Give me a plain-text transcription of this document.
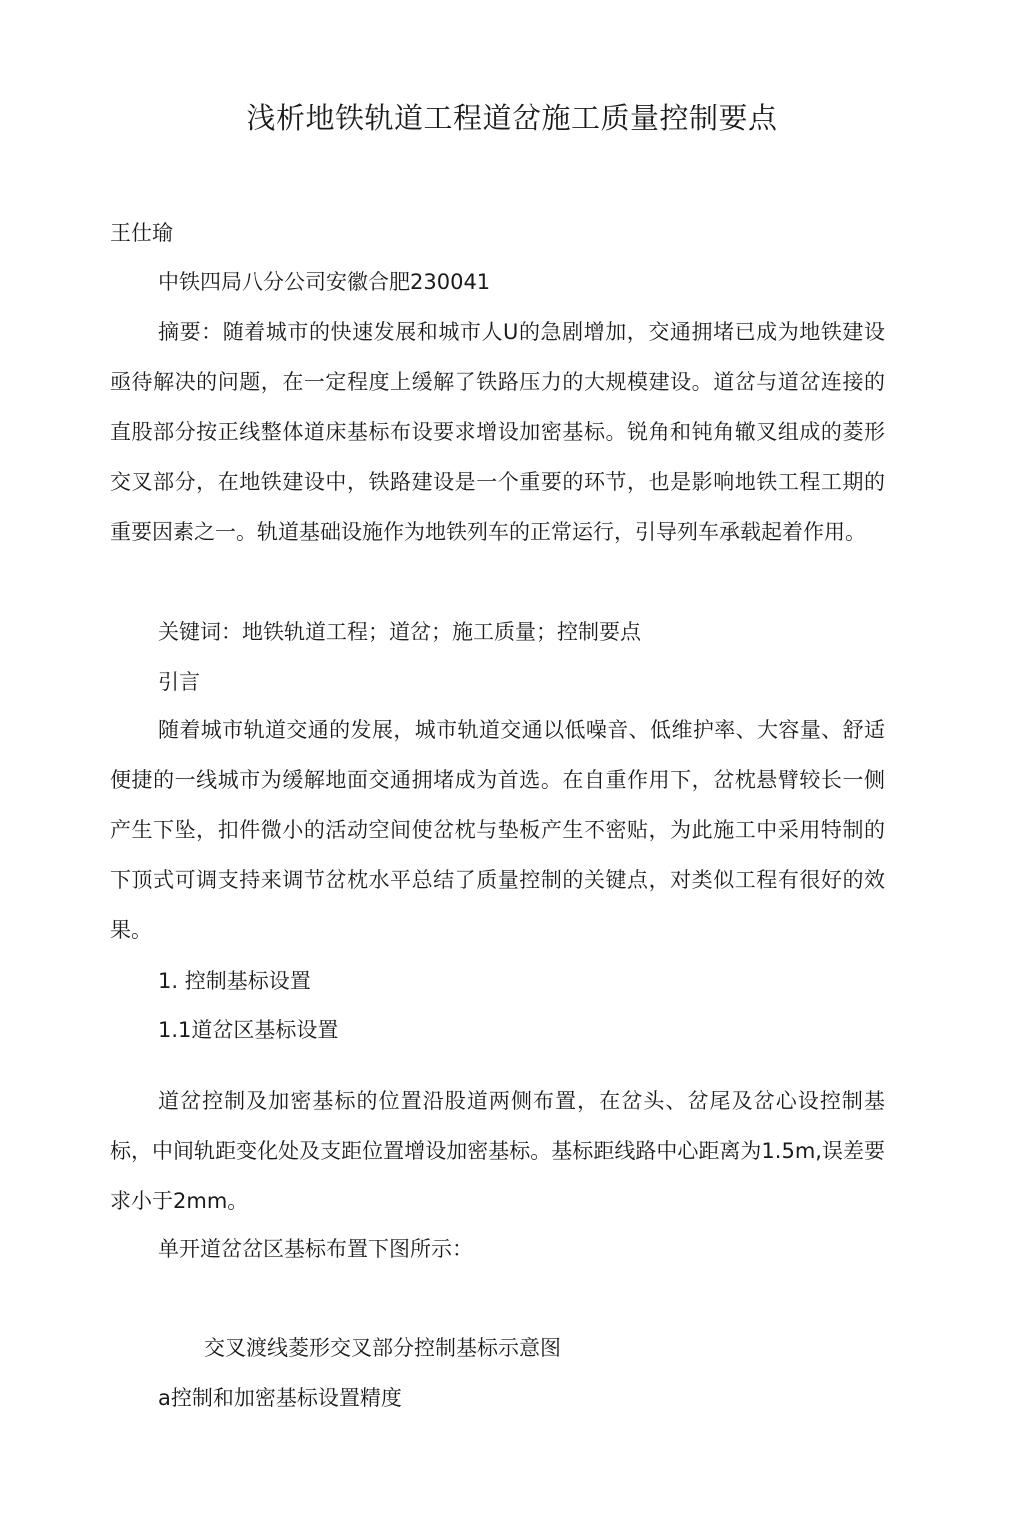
浅析地铁轨道工程道岔施工质量控制要点

王仕瑜

中铁四局八分公司安徽合肥230041

摘要：随着城市的快速发展和城市人U的急剧增加，交通拥堵已成为地铁建设亟待解决的问题，在一定程度上缓解了铁路压力的大规模建设。道岔与道岔连接的直股部分按正线整体道床基标布设要求增设加密基标。锐角和钝角辙叉组成的菱形交叉部分，在地铁建设中，铁路建设是一个重要的环节，也是影响地铁工程工期的重要因素之一。轨道基础设施作为地铁列车的正常运行，引导列车承载起着作用。

关键词：地铁轨道工程；道岔；施工质量；控制要点

引言

随着城市轨道交通的发展，城市轨道交通以低噪音、低维护率、大容量、舒适便捷的一线城市为缓解地面交通拥堵成为首选。在自重作用下，岔枕悬臂较长一侧产生下坠，扣件微小的活动空间使岔枕与垫板产生不密贴，为此施工中采用特制的下顶式可调支持来调节岔枕水平总结了质量控制的关键点，对类似工程有很好的效果。

1. 控制基标设置

1.1道岔区基标设置

道岔控制及加密基标的位置沿股道两侧布置，在岔头、岔尾及岔心设控制基标，中间轨距变化处及支距位置增设加密基标。基标距线路中心距离为1.5m,误差要求小于2mm。

单开道岔岔区基标布置下图所示：

交叉渡线菱形交叉部分控制基标示意图

a控制和加密基标设置精度
